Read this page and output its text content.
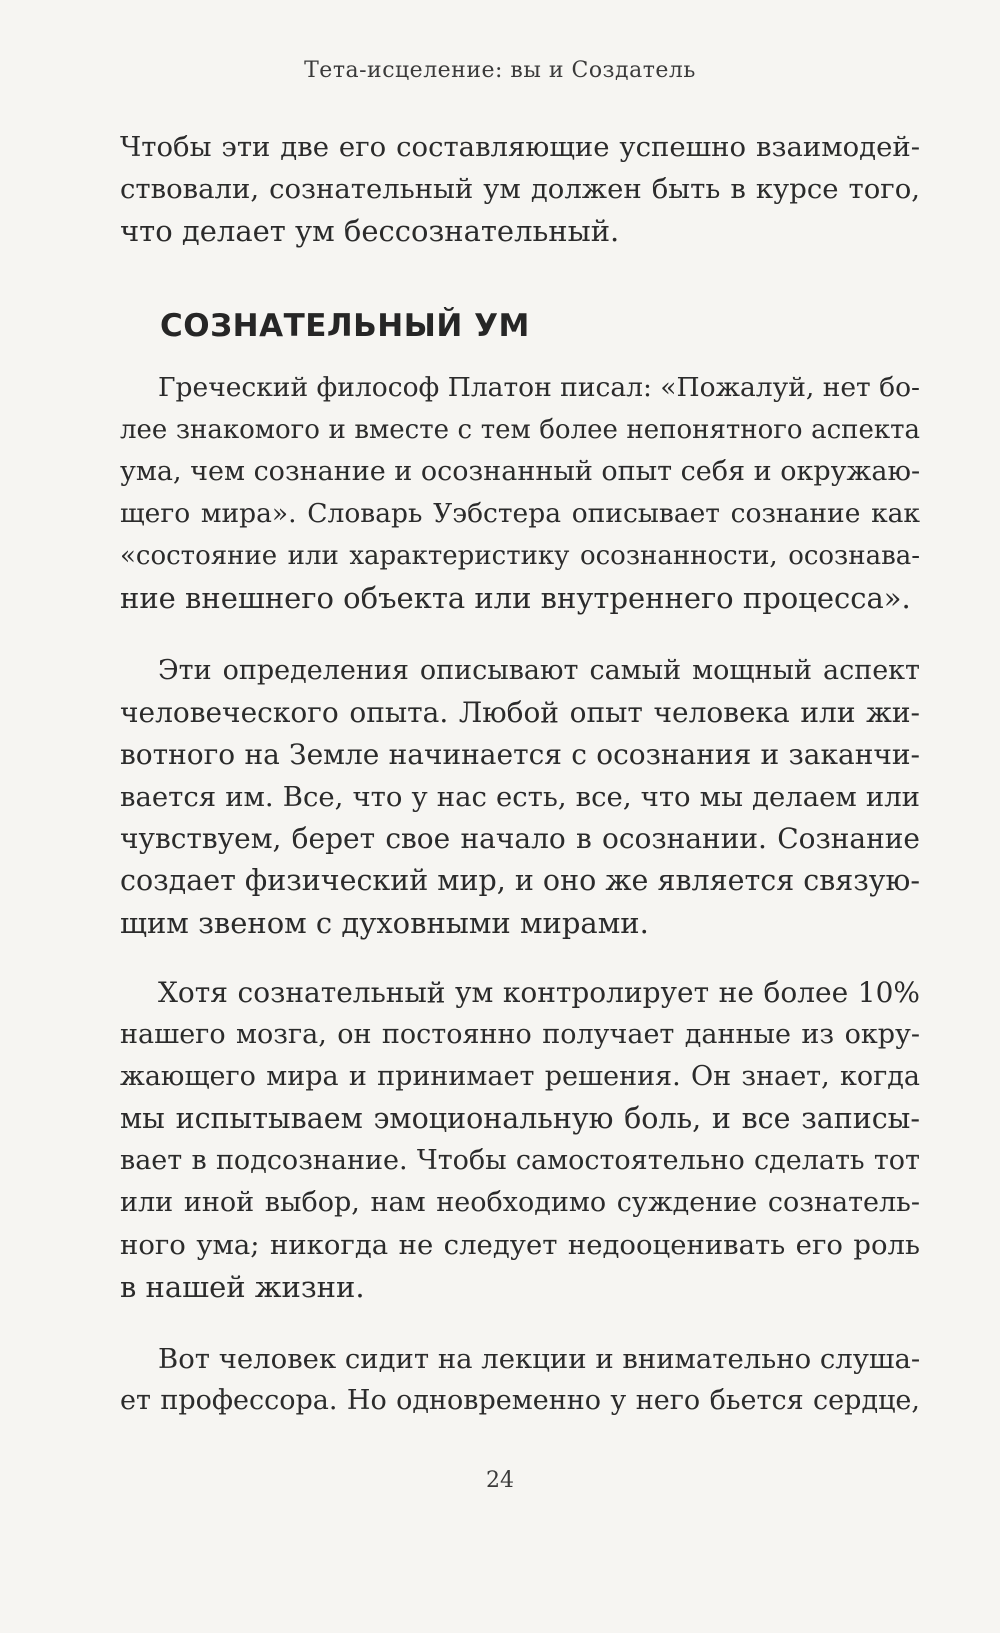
Тета-исцеление: вы и Создатель
Чтобы эти две его составляющие успешно взаимодей-
ствовали, сознательный ум должен быть в курсе того,
что делает ум бессознательный.
СОЗНАТЕЛЬНЫЙ УМ
Греческий философ Платон писал: «Пожалуй, нет бо-
лее знакомого и вместе с тем более непонятного аспекта
ума, чем сознание и осознанный опыт себя и окружаю-
щего мира». Словарь Уэбстера описывает сознание как
«состояние или характеристику осознанности, осознава-
ние внешнего объекта или внутреннего процесса».
Эти определения описывают самый мощный аспект
человеческого опыта. Любой опыт человека или жи-
вотного на Земле начинается с осознания и заканчи-
вается им. Все, что у нас есть, все, что мы делаем или
чувствуем, берет свое начало в осознании. Сознание
создает физический мир, и оно же является связую-
щим звеном с духовными мирами.
Хотя сознательный ум контролирует не более 10%
нашего мозга, он постоянно получает данные из окру-
жающего мира и принимает решения. Он знает, когда
мы испытываем эмоциональную боль, и все записы-
вает в подсознание. Чтобы самостоятельно сделать тот
или иной выбор, нам необходимо суждение сознатель-
ного ума; никогда не следует недооценивать его роль
в нашей жизни.
Вот человек сидит на лекции и внимательно слуша-
ет профессора. Но одновременно у него бьется сердце,
24
